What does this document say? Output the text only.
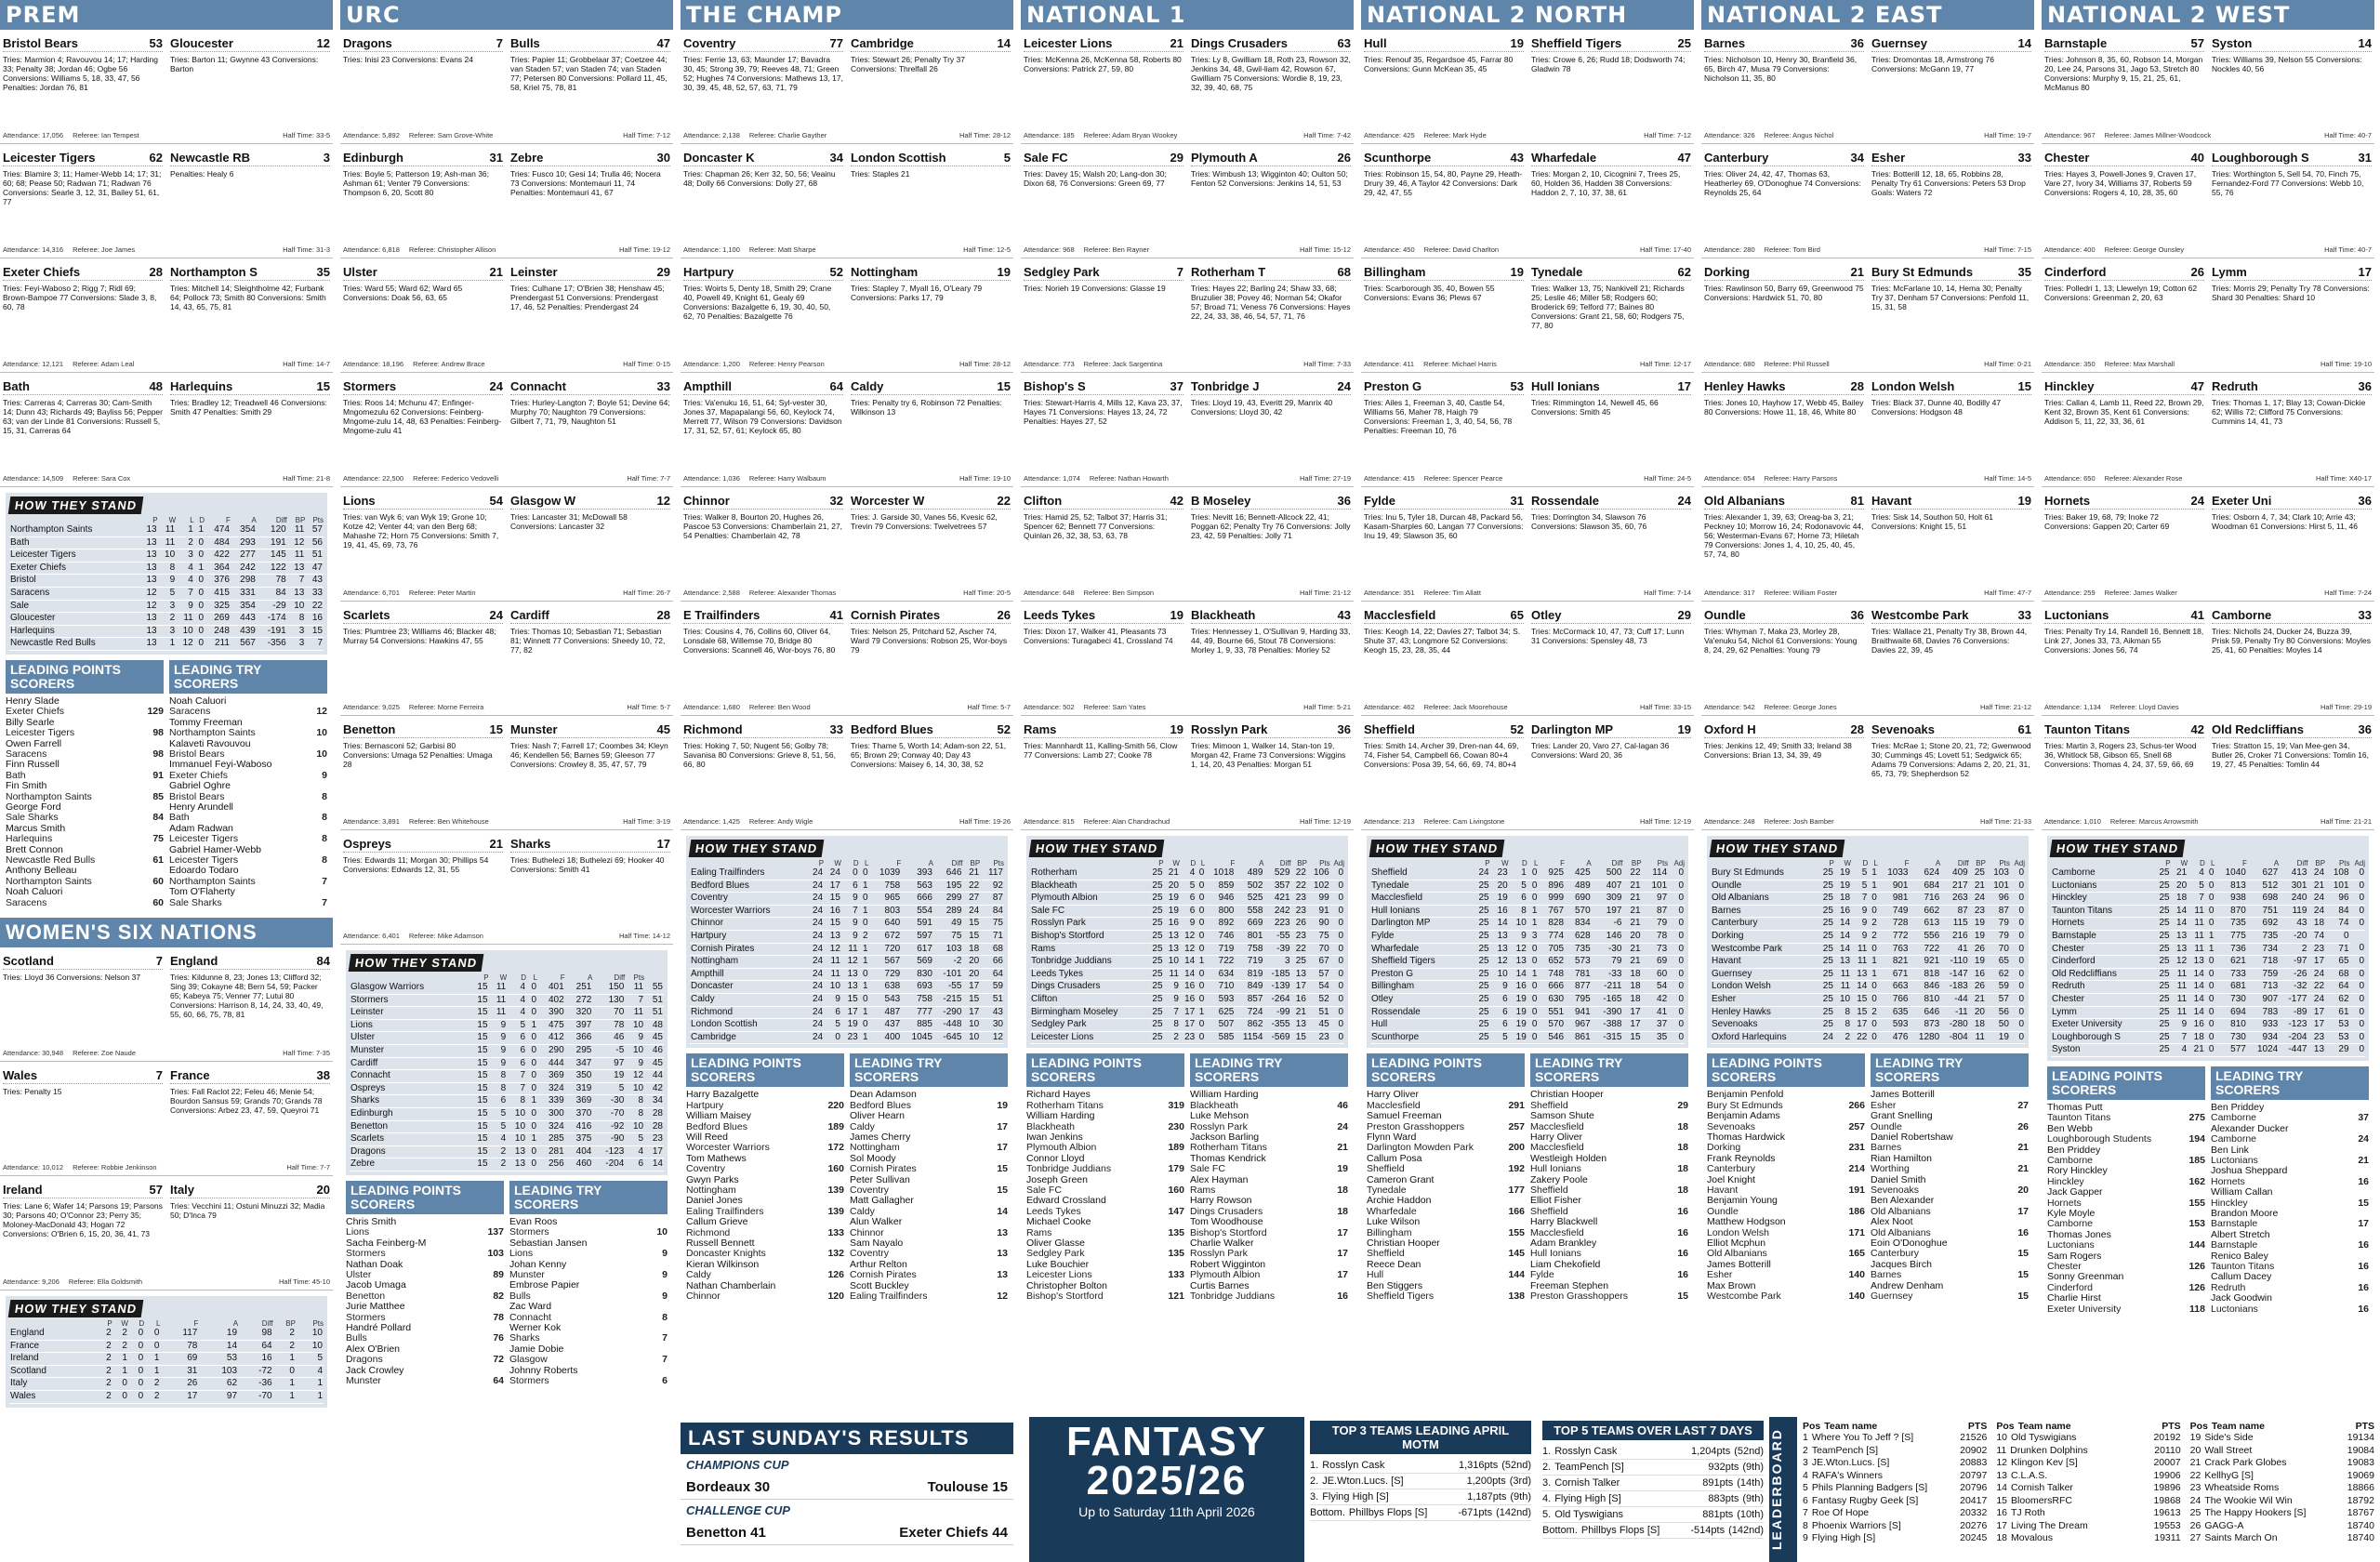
PREM
Bristol Bears	53
Tries: Marmion 4; Ravouvou 14; 17; Harding 33; Penalty 38; Jordan 46; Ogbe 56 Conversions: Williams 5, 18, 33, 47, 56 Penalties: Jordan 76, 81
Gloucester	12
Tries: Barton 11; Gwynne 43 Conversions: Barton
Attendance: 17,056 Referee: Ian Tempest	Half Time: 33-5
Leicester Tigers	62
Tries: Blamire 3; 11; Hamer-Webb 14; 17; 31; 60; 68; Pease 50; Radwan 71; Radwan 76 Conversions: Searle 3, 12, 31, Bailey 51, 61, 77
Newcastle RB	3
Penalties: Healy 6
Attendance: 14,316 Referee: Joe James	Half Time: 31-3
Exeter Chiefs	28
Tries: Feyi-Waboso 2; Rigg 7; Ridl 69; Brown-Bampoe 77 Conversions: Slade 3, 8, 60, 78
Northampton S	35
Tries: Mitchell 14; Sleightholme 42; Furbank 64; Pollock 73; Smith 80 Conversions: Smith 14, 43, 65, 75, 81
Attendance: 12,121 Referee: Adam Leal	Half Time: 14-7
Bath	48
Tries: Carreras 4; Carreras 30; Cam-Smith 14; Dunn 43; Richards 49; Bayliss 56; Pepper 63; van der Linde 81 Conversions: Russell 5, 15, 31, Carreras 64
Harlequins	15
Tries: Bradley 12; Treadwell 46 Conversions: Smith 47 Penalties: Smith 29
Attendance: 14,509 Referee: Sara Cox	Half Time: 21-8
HOW THEY STAND
	P	W	L	D	F	A	Diff	BP	Pts
Northampton Saints	13	11	1	1	474	354	120	11	57
Bath	13	11	2	0	484	293	191	12	56
Leicester Tigers	13	10	3	0	422	277	145	11	51
Exeter Chiefs	13	8	4	1	364	242	122	13	47
Bristol	13	9	4	0	376	298	78	7	43
Saracens	12	5	7	0	415	331	84	13	33
Sale	12	3	9	0	325	354	-29	10	22
Gloucester	13	2	11	0	269	443	-174	8	16
Harlequins	13	3	10	0	248	439	-191	3	15
Newcastle Red Bulls	13	1	12	0	211	567	-356	3	7
LEADING POINTS SCORERS
Henry Slade
Exeter Chiefs	129
Billy Searle
Leicester Tigers	98
Owen Farrell
Saracens	98
Finn Russell
Bath	91
Fin Smith
Northampton Saints	85
George Ford
Sale Sharks	84
Marcus Smith
Harlequins	75
Brett Connon
Newcastle Red Bulls	61
Anthony Belleau
Northampton Saints	60
Noah Caluori
Saracens	60
LEADING TRY SCORERS
Noah Caluori
Saracens	12
Tommy Freeman
Northampton Saints	10
Kalaveti Ravouvou
Bristol Bears	10
Immanuel Feyi-Waboso
Exeter Chiefs	9
Gabriel Oghre
Bristol Bears	8
Henry Arundell
Bath	8
Adam Radwan
Leicester Tigers	8
Gabriel Hamer-Webb
Leicester Tigers	8
Edoardo Todaro
Northampton Saints	7
Tom O'Flaherty
Sale Sharks	7
WOMEN'S SIX NATIONS
Scotland	7
Tries: Lloyd 36 Conversions: Nelson 37
England	84
Tries: Kildunne 8, 23; Jones 13; Clifford 32; Sing 39; Cokayne 48; Bern 54, 59; Packer 65; Kabeya 75; Venner 77; Lutui 80 Conversions: Harrison 8, 14, 24, 33, 40, 49, 55, 60, 66, 75, 78, 81
Attendance: 30,948 Referee: Zoe Naude	Half Time: 7-35
Wales	7
Tries: Penalty 15
France	38
Tries: Fall Raclot 22; Feleu 46; Menie 54; Bourdon Sansus 59; Grands 70; Grands 78 Conversions: Arbez 23, 47, 59, Queyroi 71
Attendance: 10,012 Referee: Robbie Jenkinson	Half Time: 7-7
Ireland	57
Tries: Lane 6; Wafer 14; Parsons 19; Parsons 30; Parsons 40; O'Connor 23; Perry 35; Moloney-MacDonald 43; Hogan 72 Conversions: O'Brien 6, 15, 20, 36, 41, 73
Italy	20
Tries: Vecchini 11; Ostuni Minuzzi 32; Madia 50; D'Inca 79
Attendance: 9,206 Referee: Ella Goldsmith	Half Time: 45-10
HOW THEY STAND
	P	W	D	L	F	A	Diff	BP	Pts
England	2	2	0	0	117	19	98	2	10
France	2	2	0	0	78	14	64	2	10
Ireland	2	1	0	1	69	53	16	1	5
Scotland	2	1	0	1	31	103	-72	0	4
Italy	2	0	0	2	26	62	-36	1	1
Wales	2	0	0	2	17	97	-70	1	1
URC
Dragons	7
Tries: Inisi 23 Conversions: Evans 24
Bulls	47
Tries: Papier 11; Grobbelaar 37; Coetzee 44; van Staden 57; van Staden 74; van Staden 77; Petersen 80 Conversions: Pollard 11, 45, 58, Kriel 75, 78, 81
Attendance: 5,892 Referee: Sam Grove-White	Half Time: 7-12
Edinburgh	31
Tries: Boyle 5; Patterson 19; Ash-man 36; Ashman 61; Venter 79 Conversions: Thompson 6, 20, Scott 80
Zebre	30
Tries: Fusco 10; Gesi 14; Trulla 46; Nocera 73 Conversions: Montemauri 11, 74 Penalties: Montemauri 41, 67
Attendance: 6,818 Referee: Christopher Allison	Half Time: 19-12
Ulster	21
Tries: Ward 55; Ward 62; Ward 65 Conversions: Doak 56, 63, 65
Leinster	29
Tries: Culhane 17; O'Brien 38; Henshaw 45; Prendergast 51 Conversions: Prendergast 17, 46, 52 Penalties: Prendergast 24
Attendance: 18,196 Referee: Andrew Brace	Half Time: 0-15
Stormers	24
Tries: Roos 14; Mchunu 47; Enfinger-Mngomezulu 62 Conversions: Feinberg-Mngome-zulu 14, 48, 63 Penalties: Feinberg-Mngome-zulu 41
Connacht	33
Tries: Hurley-Langton 7; Boyle 51; Devine 64; Murphy 70; Naughton 79 Conversions: Gilbert 7, 71, 79, Naughton 51
Attendance: 22,500 Referee: Federico Vedovelli	Half Time: 7-7
Lions	54
Tries: van Wyk 6; van Wyk 19; Grone 10; Kotze 42; Venter 44; van den Berg 68; Mahashe 72; Horn 75 Conversions: Smith 7, 19, 41, 45, 69, 73, 76
Glasgow W	12
Tries: Lancaster 31; McDowall 58 Conversions: Lancaster 32
Attendance: 6,701 Referee: Peter Martin	Half Time: 26-7
Scarlets	24
Tries: Plumtree 23; Williams 46; Blacker 48; Murray 54 Conversions: Hawkins 47, 55
Cardiff	28
Tries: Thomas 10; Sebastian 71; Sebastian 81; Winnett 77 Conversions: Sheedy 10, 72, 77, 82
Attendance: 9,025 Referee: Morne Ferreira	Half Time: 5-7
Benetton	15
Tries: Bernasconi 52; Garbisi 80 Conversions: Umaga 52 Penalties: Umaga 28
Munster	45
Tries: Nash 7; Farrell 17; Coombes 34; Kleyn 46; Kendellen 56; Barnes 59; Gleeson 77 Conversions: Crowley 8, 35, 47, 57, 79
Attendance: 3,891 Referee: Ben Whitehouse	Half Time: 3-19
Ospreys	21
Tries: Edwards 11; Morgan 30; Phillips 54 Conversions: Edwards 12, 31, 55
Sharks	17
Tries: Buthelezi 18; Buthelezi 69; Hooker 40 Conversions: Smith 41
Attendance: 6,401 Referee: Mike Adamson	Half Time: 14-12
HOW THEY STAND
	P	W	D	L	F	A	Diff	Pts	
Glasgow Warriors	15	11	4	0	401	251	150	11	55
Stormers	15	11	4	0	402	272	130	7	51
Leinster	15	11	4	0	390	320	70	11	51
Lions	15	9	5	1	475	397	78	10	48
Ulster	15	9	6	0	412	366	46	9	45
Munster	15	9	6	0	290	295	-5	10	46
Cardiff	15	9	6	0	444	347	97	9	45
Connacht	15	8	7	0	369	350	19	12	44
Ospreys	15	8	7	0	324	319	5	10	42
Sharks	15	6	8	1	339	369	-30	8	34
Edinburgh	15	5	10	0	300	370	-70	8	28
Benetton	15	5	10	0	324	416	-92	10	28
Scarlets	15	4	10	1	285	375	-90	5	23
Dragons	15	2	13	0	281	404	-123	4	17
Zebre	15	2	13	0	256	460	-204	6	14
LEADING POINTS SCORERS
Chris Smith
Lions	137
Sacha Feinberg-M
Stormers	103
Nathan Doak
Ulster	89
Jacob Umaga
Benetton	82
Jurie Matthee
Stormers	78
Handré Pollard
Bulls	76
Alex O'Brien
Dragons	72
Jack Crowley
Munster	64
LEADING TRY SCORERS
Evan Roos
Stormers	10
Sebastian Jansen
Lions	9
Johan Kenny
Munster	9
Embrose Papier
Bulls	9
Zac Ward
Connacht	8
Werner Kok
Sharks	7
Jamie Dobie
Glasgow	7
Johnny Roberts
Stormers	6
THE CHAMP
Coventry	77
Tries: Ferrie 13, 63; Maunder 17; Bavadra 30, 45; Strong 39, 79; Reeves 48, 71; Green 52; Hughes 74 Conversions: Mathews 13, 17, 30, 39, 45, 48, 52, 57, 63, 71, 79
Cambridge	14
Tries: Stewart 26; Penalty Try 37 Conversions: Threlfall 26
Attendance: 2,138 Referee: Charlie Gayther	Half Time: 28-12
Doncaster K	34
Tries: Chapman 26; Kerr 32, 50, 56; Veainu 48; Dolly 66 Conversions: Dolly 27, 68
London Scottish	5
Tries: Staples 21
Attendance: 1,100 Referee: Matt Sharpe	Half Time: 12-5
Hartpury	52
Tries: Woirts 5, Denty 18, Smith 29; Crane 40, Powell 49, Knight 61, Gealy 69 Conversions: Bazalgette 6, 19, 30, 40, 50, 62, 70 Penalties: Bazalgette 76
Nottingham	19
Tries: Stapley 7, Myall 16, O'Leary 79 Conversions: Parks 17, 79
Attendance: 1,200 Referee: Henry Pearson	Half Time: 28-12
Ampthill	64
Tries: Va'enuku 16, 51, 64; Syl-vester 30, Jones 37, Mapapalangi 56, 60, Keylock 74, Merrett 77, Wilson 79 Conversions: Davidson 17, 31, 52, 57, 61; Keylock 65, 80
Caldy	15
Tries: Penalty try 6, Robinson 72 Penalties: Wilkinson 13
Attendance: 1,036 Referee: Harry Walbaum	Half Time: 19-10
Chinnor	32
Tries: Walker 8, Bourton 20, Hughes 26, Pascoe 53 Conversions: Chamberlain 21, 27, 54 Penalties: Chamberlain 42, 78
Worcester W	22
Tries: J. Garside 30, Vanes 56, Kvesic 62, Trevin 79 Conversions: Twelvetrees 57
Attendance: 2,588 Referee: Alexander Thomas	Half Time: 20-5
E Trailfinders	41
Tries: Cousins 4, 76, Collins 60, Oliver 64, Lonsdale 68, Willemse 70, Bridge 80 Conversions: Scannell 46, Wor-boys 76, 80
Cornish Pirates	26
Tries: Nelson 25, Pritchard 52, Ascher 74, Ward 79 Conversions: Robson 25, Wor-boys 79
Attendance: 1,680 Referee: Ben Wood	Half Time: 5-7
Richmond	33
Tries: Hoking 7, 50; Nugent 56; Golby 78; Savanisa 80 Conversions: Grieve 8, 51, 56, 66, 80
Bedford Blues	52
Tries: Thame 5, Worth 14; Adam-son 22, 51, 65; Brown 29; Conway 40; Day 43 Conversions: Maisey 6, 14, 30, 38, 52
Attendance: 1,425 Referee: Andy Wigle	Half Time: 19-26
HOW THEY STAND
	P	W	D	L	F	A	Diff	BP	Pts
Ealing Trailfinders	24	24	0	0	1039	393	646	21	117
Bedford Blues	24	17	6	1	758	563	195	22	92
Coventry	24	15	9	0	965	666	299	27	87
Worcester Warriors	24	16	7	1	803	554	289	24	84
Chinnor	24	15	9	0	640	591	49	15	75
Hartpury	24	13	9	2	672	597	75	15	71
Cornish Pirates	24	12	11	1	720	617	103	18	68
Nottingham	24	11	12	1	567	569	-2	20	66
Ampthill	24	11	13	0	729	830	-101	20	64
Doncaster	24	10	13	1	638	693	-55	17	59
Caldy	24	9	15	0	543	758	-215	15	51
Richmond	24	6	17	1	487	777	-290	17	43
London Scottish	24	5	19	0	437	885	-448	10	30
Cambridge	24	0	23	1	400	1045	-645	10	12
LEADING POINTS SCORERS
Harry Bazalgette
Hartpury	220
William Maisey
Bedford Blues	189
Will Reed
Worcester Warriors	172
Tom Mathews
Coventry	160
Gwyn Parks
Nottingham	139
Daniel Jones
Ealing Trailfinders	139
Callum Grieve
Richmond	133
Russell Bennett
Doncaster Knights	132
Kieran Wilkinson
Caldy	126
Nathan Chamberlain
Chinnor	120
LEADING TRY SCORERS
Dean Adamson
Bedford Blues	19
Oliver Hearn
Caldy	17
James Cherry
Nottingham	17
Sol Moody
Cornish Pirates	15
Peter Sullivan
Coventry	15
Matt Gallagher
Caldy	14
Alun Walker
Chinnor	13
Sam Nayalo
Coventry	13
Arthur Relton
Cornish Pirates	13
Scott Buckley
Ealing Trailfinders	12
NATIONAL 1
Leicester Lions	21
Tries: McKenna 26, McKenna 58, Roberts 80 Conversions: Patrick 27, 59, 80
Dings Crusaders	63
Tries: Ly 8, Gwilliam 18, Roth 23, Rowson 32, Jenkins 34, 48, Gwil-liam 42, Rowson 67, Gwilliam 75 Conversions: Wordie 8, 19, 23, 32, 39, 40, 68, 75
Attendance: 185 Referee: Adam Bryan Wookey	Half Time: 7-42
Sale FC	29
Tries: Davey 15; Walsh 20; Lang-don 30; Dixon 68, 76 Conversions: Green 69, 77
Plymouth A	26
Tries: Wimbush 13; Wigginton 40; Oulton 50; Fenton 52 Conversions: Jenkins 14, 51, 53
Attendance: 968 Referee: Ben Rayner	Half Time: 15-12
Sedgley Park	7
Tries: Norieh 19 Conversions: Glasse 19
Rotherham T	68
Tries: Hayes 22; Barling 24; Shaw 33, 68; Bruzulier 38; Povey 46; Norman 54; Okafor 57; Broad 71; Veness 76 Conversions: Hayes 22, 24, 33, 38, 46, 54, 57, 71, 76
Attendance: 773 Referee: Jack Sargentina	Half Time: 7-33
Bishop's S	37
Tries: Stewart-Harris 4, Mills 12, Kava 23, 37, Hayes 71 Conversions: Hayes 13, 24, 72 Penalties: Hayes 27, 52
Tonbridge J	24
Tries: Lloyd 19, 43, Everitt 29, Manrix 40 Conversions: Lloyd 30, 42
Attendance: 1,074 Referee: Nathan Howarth	Half Time: 27-19
Clifton	42
Tries: Hamid 25, 52; Talbot 37; Harris 31; Spencer 62; Bennett 77 Conversions: Quinlan 26, 32, 38, 53, 63, 78
B Moseley	36
Tries: Nevitt 16; Bennett-Allcock 22, 41; Poggan 62; Penalty Try 76 Conversions: Jolly 23, 42, 59 Penalties: Jolly 71
Attendance: 648 Referee: Ben Simpson	Half Time: 21-12
Leeds Tykes	19
Tries: Dixon 17, Walker 41, Pleasants 73 Conversions: Turagabeci 41, Crossland 74
Blackheath	43
Tries: Hennessey 1, O'Sullivan 9, Harding 33, 44, 49, Bourne 66, Stout 78 Conversions: Morley 1, 9, 33, 78 Penalties: Morley 52
Attendance: 502 Referee: Sam Yates	Half Time: 5-21
Rams	19
Tries: Mannhardt 11, Kalling-Smith 56, Clow 77 Conversions: Lamb 27; Cooke 78
Rosslyn Park	36
Tries: Mimoon 1, Walker 14, Stan-ton 19, Morgan 42, Frame 73 Conversions: Wiggins 1, 14, 20, 43 Penalties: Morgan 51
Attendance: 815 Referee: Alan Chandrachud	Half Time: 12-19
HOW THEY STAND
	P	W	D	L	F	A	Diff	BP	Pts	Adj
Rotherham	25	21	4	0	1018	489	529	22	106	0
Blackheath	25	20	5	0	859	502	357	22	102	0
Plymouth Albion	25	19	6	0	946	525	421	23	99	0
Sale FC	25	19	6	0	800	558	242	23	91	0
Rosslyn Park	25	16	9	0	892	669	223	26	90	0
Bishop's Stortford	25	13	12	0	746	801	-55	23	75	0
Rams	25	13	12	0	719	758	-39	22	70	0
Tonbridge Juddians	25	10	14	1	722	719	3	25	67	0
Leeds Tykes	25	11	14	0	634	819	-185	13	57	0
Dings Crusaders	25	9	16	0	710	849	-139	17	54	0
Clifton	25	9	16	0	593	857	-264	16	52	0
Birmingham Moseley	25	7	17	1	625	724	-99	21	51	0
Sedgley Park	25	8	17	0	507	862	-355	13	45	0
Leicester Lions	25	2	23	0	585	1154	-569	15	23	0
LEADING POINTS SCORERS
Richard Hayes
Rotherham Titans	319
William Harding
Blackheath	230
Iwan Jenkins
Plymouth Albion	189
Connor Lloyd
Tonbridge Juddians	179
Joseph Green
Sale FC	160
Edward Crossland
Leeds Tykes	147
Michael Cooke
Rams	135
Oliver Glasse
Sedgley Park	135
Luke Bouchier
Leicester Lions	133
Christopher Bolton
Bishop's Stortford	121
LEADING TRY SCORERS
William Harding
Blackheath	46
Luke Mehson
Rosslyn Park	24
Jackson Barling
Rotherham Titans	21
Thomas Kendrick
Sale FC	19
Alex Hayman
Rams	18
Harry Rowson
Dings Crusaders	18
Tom Woodhouse
Bishop's Stortford	17
Charlie Walker
Rosslyn Park	17
Robert Wigginton
Plymouth Albion	17
Curtis Barnes
Tonbridge Juddians	16
NATIONAL 2 NORTH
Hull	19
Tries: Renouf 35, Regardsoe 45, Farrar 80 Conversions: Gunn McKean 35, 45
Sheffield Tigers	25
Tries: Crowe 6, 26; Rudd 18; Dodsworth 74; Gladwin 78
Attendance: 425 Referee: Mark Hyde	Half Time: 7-12
Scunthorpe	43
Tries: Robinson 15, 54, 80, Payne 29, Heath-Drury 39, 46, A Taylor 42 Conversions: Dark 29, 42, 47, 55
Wharfedale	47
Tries: Morgan 2, 10, Cicognini 7, Trees 25, 60, Holden 36, Hadden 38 Conversions: Haddon 2, 7, 10, 37, 38, 61
Attendance: 450 Referee: David Charlton	Half Time: 17-40
Billingham	19
Tries: Scarborough 35, 40, Bowen 55 Conversions: Evans 36; Plews 67
Tynedale	62
Tries: Walker 13, 75; Nankivell 21; Richards 25; Leslie 46; Miller 58; Rodgers 60; Broderick 69; Telford 77; Baines 80 Conversions: Grant 21, 58, 60; Rodgers 75, 77, 80
Attendance: 411 Referee: Michael Harris	Half Time: 12-17
Preston G	53
Tries: Ailes 1, Freeman 3, 40, Castle 54, Williams 56, Maher 78, Haigh 79 Conversions: Freeman 1, 3, 40, 54, 56, 78 Penalties: Freeman 10, 76
Hull Ionians	17
Tries: Rimmington 14, Newell 45, 66 Conversions: Smith 45
Attendance: 415 Referee: Spencer Pearce	Half Time: 24-5
Fylde	31
Tries: Inu 5, Tyler 18, Durcan 48, Packard 56, Kasam-Sharples 60, Langan 77 Conversions: Inu 19, 49; Slawson 35, 60
Rossendale	24
Tries: Dorrington 34, Slawson 76 Conversions: Slawson 35, 60, 76
Attendance: 351 Referee: Tim Allatt	Half Time: 7-14
Macclesfield	65
Tries: Keogh 14, 22; Davies 27; Talbot 34; S. Shute 37, 43; Longmore 52 Conversions: Keogh 15, 23, 28, 35, 44
Otley	29
Tries: McCormack 10, 47, 73; Cuff 17; Lunn 31 Conversions: Spensley 48, 73
Attendance: 462 Referee: Jack Moorehouse	Half Time: 33-15
Sheffield	52
Tries: Smith 14, Archer 39, Dren-nan 44, 69, 74, Fisher 54, Campbell 66, Cowan 80+4 Conversions: Posa 39, 54, 66, 69, 74, 80+4
Darlington MP	19
Tries: Lander 20, Varo 27, Cal-lagan 36 Conversions: Ward 20, 36
Attendance: 213 Referee: Cam Livingstone	Half Time: 12-19
HOW THEY STAND
	P	W	D	L	F	A	Diff	BP	Pts	Adj
Sheffield	24	23	1	0	925	425	500	22	114	0
Tynedale	25	20	5	0	896	489	407	21	101	0
Macclesfield	25	19	6	0	999	690	309	21	97	0
Hull Ionians	25	16	8	1	767	570	197	21	87	0
Darlington MP	25	14	10	1	828	834	-6	21	79	0
Fylde	25	13	9	3	774	628	146	20	78	0
Wharfedale	25	13	12	0	705	735	-30	21	73	0
Sheffield Tigers	25	12	13	0	652	573	79	21	69	0
Preston G	25	10	14	1	748	781	-33	18	60	0
Billingham	25	9	16	0	666	877	-211	18	54	0
Otley	25	6	19	0	630	795	-165	18	42	0
Rossendale	25	6	19	0	551	941	-390	17	41	0
Hull	25	6	19	0	570	967	-388	17	37	0
Scunthorpe	25	5	19	0	546	861	-315	15	35	0
LEADING POINTS SCORERS
Harry Oliver
Macclesfield	291
Samuel Freeman
Preston Grasshoppers	257
Flynn Ward
Darlington Mowden Park	200
Callum Posa
Sheffield	192
Cameron Grant
Tynedale	177
Archie Haddon
Wharfedale	166
Luke Wilson
Billingham	155
Christian Hooper
Sheffield	145
Reece Dean
Hull	144
Ben Stiggers
Sheffield Tigers	138
LEADING TRY SCORERS
Christian Hooper
Sheffield	29
Samson Shute
Macclesfield	18
Harry Oliver
Macclesfield	18
Westleigh Holden
Hull Ionians	18
Zakery Poole
Sheffield	18
Elliot Fisher
Sheffield	16
Harry Blackwell
Macclesfield	16
Adam Brankley
Hull Ionians	16
Liam Chekofield
Fylde	16
Freeman Stephen
Preston Grasshoppers	15
NATIONAL 2 EAST
Barnes	36
Tries: Nicholson 10, Henry 30, Branfield 36, 65, Birch 47, Musa 79 Conversions: Nicholson 11, 35, 80
Guernsey	14
Tries: Dromontas 18, Armstrong 76 Conversions: McGann 19, 77
Attendance: 326 Referee: Angus Nichol	Half Time: 19-7
Canterbury	34
Tries: Oliver 24, 42, 47, Thomas 63, Heatherley 69, O'Donoghue 74 Conversions: Reynolds 25, 64
Esher	33
Tries: Botterill 12, 18, 65, Robbins 28, Penalty Try 61 Conversions: Peters 53 Drop Goals: Waters 72
Attendance: 280 Referee: Tom Bird	Half Time: 7-15
Dorking	21
Tries: Rawlinson 50, Barry 69, Greenwood 75 Conversions: Hardwick 51, 70, 80
Bury St Edmunds	35
Tries: McFarlane 10, 14, Hema 30; Penalty Try 37, Denham 57 Conversions: Penfold 11, 15, 31, 58
Attendance: 680 Referee: Phil Russell	Half Time: 0-21
Henley Hawks	28
Tries: Jones 10, Hayhow 17, Webb 45, Bailey 80 Conversions: Howe 11, 18, 46, White 80
London Welsh	15
Tries: Black 37, Dunne 40, Bodilly 47 Conversions: Hodgson 48
Attendance: 654 Referee: Harry Parsons	Half Time: 14-5
Old Albanians	81
Tries: Alexander 1, 39, 63; Oreag-ba 3, 21; Peckney 10; Morrow 16, 24; Rodonavovic 44, 56; Westerman-Evans 67; Horne 73; Hiletah 79 Conversions: Jones 1, 4, 10, 25, 40, 45, 57, 74, 80
Havant	19
Tries: Sisk 14, Southon 50, Holt 61 Conversions: Knight 15, 51
Attendance: 317 Referee: William Foster	Half Time: 47-7
Oundle	36
Tries: Whyman 7, Maka 23, Morley 28, Va'enuku 54, Nichol 61 Conversions: Young 8, 24, 29, 62 Penalties: Young 79
Westcombe Park	33
Tries: Wallace 21, Penalty Try 38, Brown 44, Braithwaite 68, Davies 76 Conversions: Davies 22, 39, 45
Attendance: 542 Referee: George Jones	Half Time: 21-12
Oxford H	28
Tries: Jenkins 12, 49; Smith 33; Ireland 38 Conversions: Brian 13, 34, 39, 49
Sevenoaks	61
Tries: McRae 1; Stone 20, 21, 72; Gwenwood 30; Cummings 45; Lovett 51; Sedgwick 65; Adams 79 Conversions: Adams 2, 20, 21, 31, 65, 73, 79; Shepherdson 52
Attendance: 248 Referee: Josh Bamber	Half Time: 21-33
HOW THEY STAND
	P	W	D	L	F	A	Diff	BP	Pts	Adj
Bury St Edmunds	25	19	5	1	1033	624	409	25	103	0
Oundle	25	19	5	1	901	684	217	21	101	0
Old Albanians	25	18	7	0	981	716	263	24	96	0
Barnes	25	16	9	0	749	662	87	23	87	0
Canterbury	25	14	9	2	728	613	115	19	79	0
Dorking	25	14	9	2	772	556	216	19	79	0
Westcombe Park	25	14	11	0	763	722	41	26	70	0
Havant	25	13	11	1	821	921	-110	19	65	0
Guernsey	25	11	13	1	671	818	-147	16	62	0
London Welsh	25	11	14	0	663	846	-183	26	59	0
Esher	25	10	15	0	766	810	-44	21	57	0
Henley Hawks	25	8	15	2	635	646	-11	20	56	0
Sevenoaks	25	8	17	0	593	873	-280	18	50	0
Oxford Harlequins	24	2	22	0	476	1280	-804	11	19	0
LEADING POINTS SCORERS
Benjamin Penfold
Bury St Edmunds	266
Benjamin Adams
Sevenoaks	257
Thomas Hardwick
Dorking	231
Frank Reynolds
Canterbury	214
Joel Knight
Havant	191
Benjamin Young
Oundle	186
Matthew Hodgson
London Welsh	171
Elliot Mcphun
Old Albanians	165
James Botterill
Esher	140
Max Brown
Westcombe Park	140
LEADING TRY SCORERS
James Botterill
Esher	27
Grant Snelling
Oundle	26
Daniel Robertshaw
Barnes	21
Rian Hamilton
Worthing	21
Daniel Smith
Sevenoaks	20
Ben Alexander
Old Albanians	17
Alex Noot
Old Albanians	16
Eoin O'Donoghue
Canterbury	15
Jacques Birch
Barnes	15
Andrew Denham
Guernsey	15
NATIONAL 2 WEST
Barnstaple	57
Tries: Johnson 8, 35, 60, Robson 14, Morgan 20, Lee 24, Parsons 31, Jago 53, Stretch 80 Conversions: Murphy 9, 15, 21, 25, 61, McManus 80
Syston	14
Tries: Williams 39, Nelson 55 Conversions: Nockles 40, 56
Attendance: 967 Referee: James Millner-Woodcock	Half Time: 40-7
Chester	40
Tries: Hayes 3, Powell-Jones 9, Craven 17, Vare 27, Ivory 34, Williams 37, Roberts 59 Conversions: Rogers 4, 10, 28, 35, 60
Loughborough S	31
Tries: Worthington 5, Sell 54, 70, Finch 75, Fernandez-Ford 77 Conversions: Webb 10, 55, 76
Attendance: 400 Referee: George Ounsley	Half Time: 40-7
Cinderford	26
Tries: Polledri 1, 13; Llewelyn 19; Cotton 62 Conversions: Greenman 2, 20, 63
Lymm	17
Tries: Morris 29; Penalty Try 78 Conversions: Shard 30 Penalties: Shard 10
Attendance: 350 Referee: Max Marshall	Half Time: 19-10
Hinckley	47
Tries: Callan 4, Lamb 11, Reed 22, Brown 29, Kent 32, Brown 35, Kent 61 Conversions: Addison 5, 11, 22, 33, 36, 61
Redruth	36
Tries: Thomas 1, 17; Blay 13; Cowan-Dickie 62; Willis 72; Clifford 75 Conversions: Cummins 14, 41, 73
Attendance: 650 Referee: Alexander Rose	Half Time: X40-17
Hornets	24
Tries: Baker 19, 68, 79; Inoke 72 Conversions: Gappen 20; Carter 69
Exeter Uni	36
Tries: Osborn 4, 7, 34; Clark 10; Arrie 43; Woodman 61 Conversions: Hirst 5, 11, 46
Attendance: 259 Referee: James Walker	Half Time: 7-24
Luctonians	41
Tries: Penalty Try 14, Randell 16, Bennett 18, Link 27, Jones 33, 73, Aikman 55 Conversions: Jones 56, 74
Camborne	33
Tries: Nicholls 24, Ducker 24, Buzza 39, Prisk 59, Penalty Try 80 Conversions: Moyles 25, 41, 60 Penalties: Moyles 14
Attendance: 1,134 Referee: Lloyd Davies	Half Time: 29-19
Taunton Titans	42
Tries: Martin 3, Rogers 23, Schus-ter Wood 36, Whitlock 58, Gibson 65, Snell 68 Conversions: Thomas 4, 24, 37, 59, 66, 69
Old Redcliffians	36
Tries: Stratton 15, 19; Van Mee-gen 34, Butler 26, Croker 71 Conversions: Tomlin 16, 19, 27, 45 Penalties: Tomlin 44
Attendance: 1,010 Referee: Marcus Arrowsmith	Half Time: 21-21
HOW THEY STAND
	P	W	D	L	F	A	Diff	BP	Pts	Adj
Camborne	25	21	4	0	1040	627	413	24	108	0
Luctonians	25	20	5	0	813	512	301	21	101	0
Hinckley	25	18	7	0	938	698	240	24	96	0
Taunton Titans	25	14	11	0	870	751	119	24	84	0
Hornets	25	14	11	0	735	692	43	18	74	0
Barnstaple	25	13	11	1	775	735	-20	74	0	
Chester	25	13	11	1	736	734	2	23	71	0
Cinderford	25	12	13	0	621	718	-97	17	65	0
Old Redcliffians	25	11	14	0	733	759	-26	24	68	0
Redruth	25	11	14	0	681	713	-32	22	64	0
Chester	25	11	14	0	730	907	-177	24	62	0
Lymm	25	11	14	0	694	783	-89	17	61	0
Exeter University	25	9	16	0	810	933	-123	17	53	0
Loughborough S	25	7	18	0	730	934	-204	23	53	0
Syston	25	4	21	0	577	1024	-447	13	29	0
LEADING POINTS SCORERS
Thomas Putt
Taunton Titans	275
Ben Webb
Loughborough Students	194
Ben Priddey
Camborne	185
Rory Hinckley
Hinckley	162
Jack Gapper
Hornets	155
Kyle Moyle
Camborne	153
Thomas Jones
Luctonians	144
Sam Rogers
Chester	126
Sonny Greenman
Cinderford	126
Charlie Hirst
Exeter University	118
LEADING TRY SCORERS
Ben Priddey
Camborne	37
Alexander Ducker
Camborne	24
Ben Link
Luctonians	21
Joshua Sheppard
Hornets	16
William Callan
Hinckley	15
Brandon Moore
Barnstaple	17
Albert Stretch
Barnstaple	16
Renico Baley
Taunton Titans	16
Callum Dacey
Redruth	16
Jack Goodwin
Luctonians	16
LAST SUNDAY'S RESULTS
CHAMPIONS CUP
Bordeaux 30	Toulouse 15
CHALLENGE CUP
Benetton 41	Exeter Chiefs 44
FANTASY
2025/26
Up to Saturday 11th April 2026
TOP 3 TEAMS LEADING APRIL MOTM
1. Rosslyn Cask	1,316pts (52nd)
2. JE.Wton.Lucs. [S]	1,200pts (3rd)
3. Flying High [S]	1,187pts (9th)
Bottom. Phillbys Flops [S]	-671pts (142nd)
TOP 5 TEAMS OVER LAST 7 DAYS
1. Rosslyn Cask	1,204pts (52nd)
2. TeamPench [S]	932pts (9th)
3. Cornish Talker	891pts (14th)
4. Flying High [S]	883pts (9th)
5. Old Tyswigians	881pts (10th)
Bottom. Phillbys Flops [S]	-514pts (142nd) LEADERBOARD
Pos Team name	PTS
1 Where You To Jeff ? [S]	21526
2 TeamPench [S]	20902
3 JE.Wton.Lucs. [S]	20883
4 RAFA's Winners	20797
5 Phils Planning Badgers [S]	20796
6 Fantasy Rugby Geek [S]	20417
7 Roe Of Hope	20332
8 Phoenix Warriors [S]	20276
9 Flying High [S]	20245
Pos Team name	PTS
10 Old Tyswigians	20192
11 Drunken Dolphins	20110
12 Klingon Kev [S]	20007
13 C.L.A.S.	19906
14 Cornish Talker	19896
15 BloomersRFC	19868
16 TJ Roth	19613
17 Living The Dream	19553
18 Movalous	19311
Pos Team name	PTS
19 Side's Side	19134
20 Wall Street	19084
21 Crack Park Globes	19083
22 KellhyG [S]	19069
23 Wheatside Roms	18866
24 The Wookie Wil Win	18792
25 The Happy Hookers [S]	18767
26 GAGG-A	18740
27 Saints March On	18740
